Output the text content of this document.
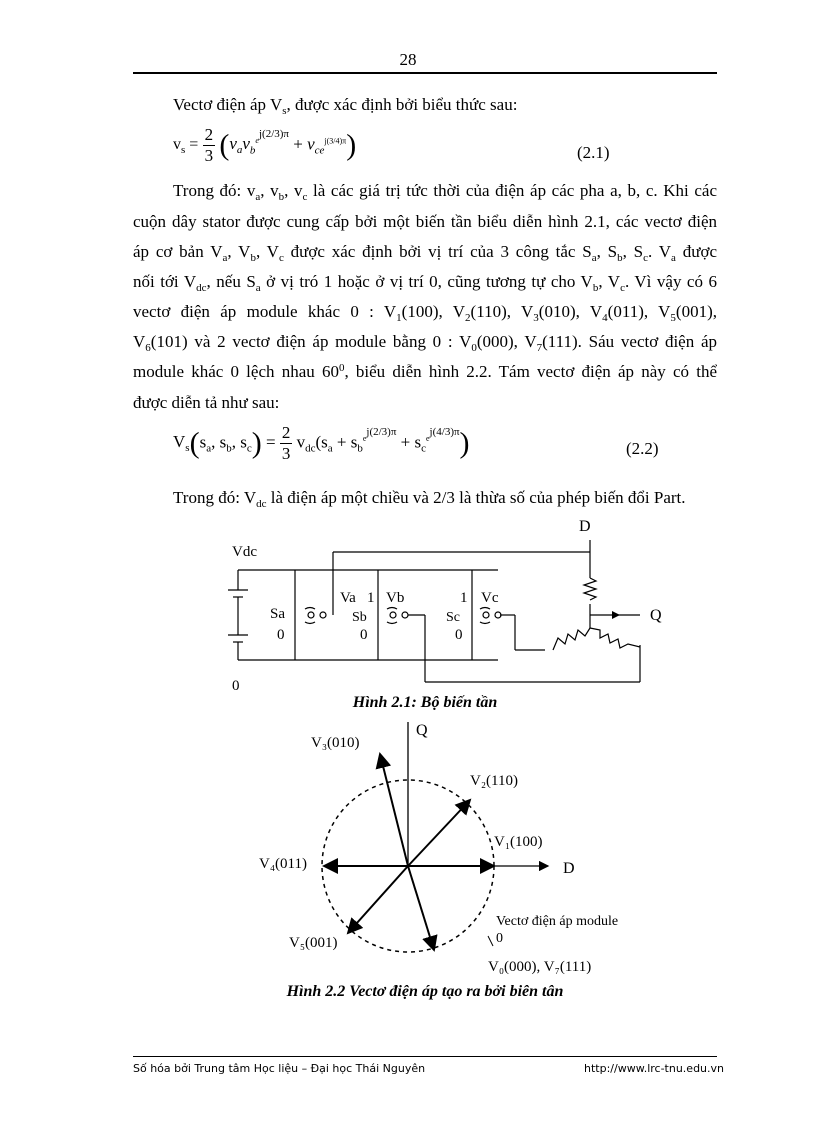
28
Vectơ điện áp $V_s$, được xác định bởi biểu thức sau:
$v_s = \frac{2}{3} (v_av_b^{e^{j(2/3)\pi}} + v_{ce}^{j(3/4)\pi})$	(2.1)
Trong đó: $v_a$, $v_b$, $v_c$ là các giá trị tức thời của điện áp các pha a, b, c. Khi các
cuộn dây stator được cung cấp bởi một biến tần biểu diễn hình 2.1, các vectơ điện
áp cơ bản $V_a$, $V_b$, $V_c$ được xác định bởi vị trí của 3 công tắc $S_a$, $S_b$, $S_c$. $V_a$ được
nối tới $V_{dc}$, nếu $S_a$ ở vị tró 1 hoặc ở vị trí 0, cũng tương tự cho $V_b$, $V_c$. Vì vậy có 6
vectơ điện áp module khác 0 : $V_1(100)$, $V_2(110)$, $V_3(010)$, $V_4(011)$, $V_5(001)$,
$V_6(101)$ và 2 vectơ điện áp module bằng 0 : $V_0(000)$, $V_7(111)$. Sáu vectơ điện áp
module khác 0 lệch nhau $60^0$, biểu diễn hình 2.2. Tám vectơ điện áp này có thể
được diễn tả như sau:
$V_s(s_a$, $s_b$, $s_c) = \frac{2}{3} v_{dc}(s_a + s_b^{e^{j(2/3)\pi}} + s_c^{e^{j(4/3)\pi}})$	(2.2)
Trong đó: $V_{dc}$ là điện áp một chiều và 2/3 là thừa số của phép biến đổi Part.
D
Vdc
Q
0
Va 1 Vb	1 Vc
Sa	Sb	Sc
0	0	0
Hình 2.1: Bộ biến tần
Q
V₃(010)
V₂(110)
V₁(100)
V₄(011)	D
Vectơ điện áp module
0
V₅(001)
V₀(000), V₇(111)
Hình 2.2 Vectơ điện áp tạo ra bởi biên tân
Số hóa bởi Trung tâm Học liệu – Đại học Thái Nguyên	http://www.lrc-tnu.edu.vn
